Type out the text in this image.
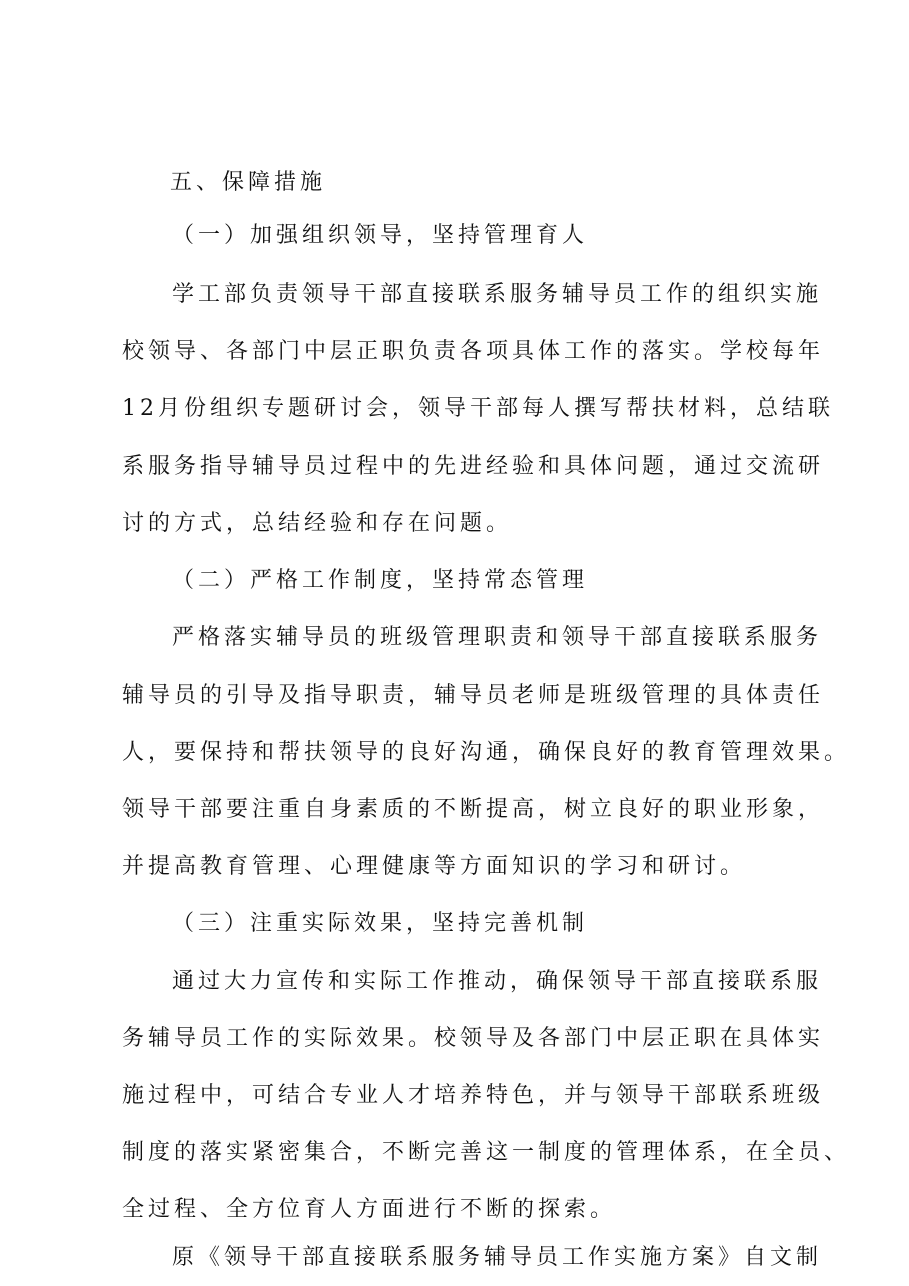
五、保障措施
（一）加强组织领导，坚持管理育人
学工部负责领导干部直接联系服务辅导员工作的组织实施
校领导、各部门中层正职负责各项具体工作的落实。学校每年
12月份组织专题研讨会，领导干部每人撰写帮扶材料，总结联
系服务指导辅导员过程中的先进经验和具体问题，通过交流研
讨的方式，总结经验和存在问题。
（二）严格工作制度，坚持常态管理
严格落实辅导员的班级管理职责和领导干部直接联系服务
辅导员的引导及指导职责，辅导员老师是班级管理的具体责任
人，要保持和帮扶领导的良好沟通，确保良好的教育管理效果。
领导干部要注重自身素质的不断提高，树立良好的职业形象，
并提高教育管理、心理健康等方面知识的学习和研讨。
（三）注重实际效果，坚持完善机制
通过大力宣传和实际工作推动，确保领导干部直接联系服
务辅导员工作的实际效果。校领导及各部门中层正职在具体实
施过程中，可结合专业人才培养特色，并与领导干部联系班级
制度的落实紧密集合，不断完善这一制度的管理体系，在全员、
全过程、全方位育人方面进行不断的探索。
原《领导干部直接联系服务辅导员工作实施方案》自文制
